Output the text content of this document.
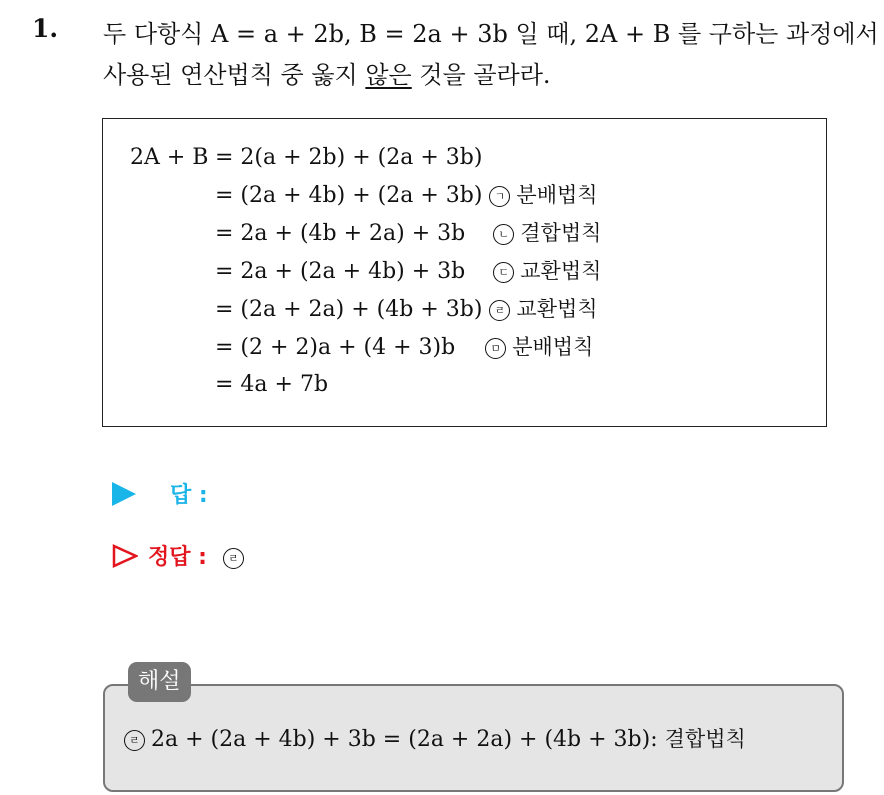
1. 두 다항식 A = a + 2b, B = 2a + 3b 일 때, 2A + B 를 구하는 과정에서
사용된 연산법칙 중 옳지 않은 것을 골라라.
2A + B = 2(a + 2b) + (2a + 3b)
= (2a + 4b) + (2a + 3b) ㄱ 분배법칙
= 2a + (4b + 2a) + 3b	ㄴ 결합법칙
= 2a + (2a + 4b) + 3b	ㄷ 교환법칙
= (2a + 2a) + (4b + 3b) ㄹ 교환법칙
= (2 + 2)a + (4 + 3)b	ㅁ 분배법칙
= 4a + 7b
답 :
정답 : ㄹ
해설
ㄹ 2a + (2a + 4b) + 3b = (2a + 2a) + (4b + 3b): 결합법칙
